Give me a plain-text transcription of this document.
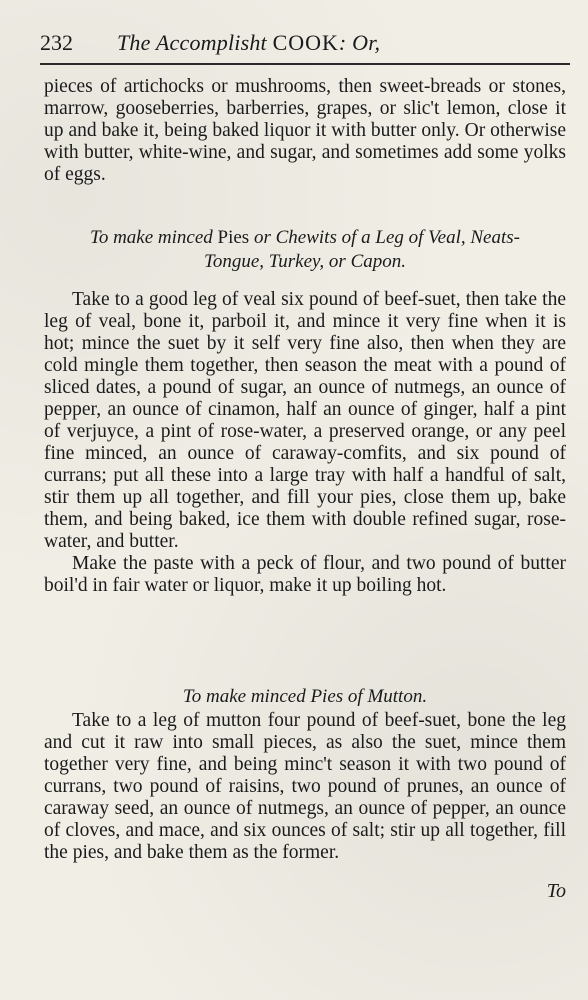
232 The Accomplisht COOK: Or,

pieces of artichocks or mushrooms, then sweet-breads or stones, marrow, gooseberries, barberries, grapes, or slic't lemon, close it up and bake it, being baked liquor it with butter only. Or otherwise with butter, white-wine, and sugar, and sometimes add some yolks of eggs.

To make minced Pies or Chewits of a Leg of Veal, Neats-
Tongue, Turkey, or Capon.

Take to a good leg of veal six pound of beef-suet, then take the leg of veal, bone it, parboil it, and mince it very fine when it is hot; mince the suet by it self very fine also, then when they are cold mingle them together, then season the meat with a pound of sliced dates, a pound of sugar, an ounce of nutmegs, an ounce of pepper, an ounce of cinamon, half an ounce of ginger, half a pint of verjuyce, a pint of rose-water, a preserved orange, or any peel fine minced, an ounce of caraway-comfits, and six pound of currans; put all these into a large tray with half a handful of salt, stir them up all together, and fill your pies, close them up, bake them, and being baked, ice them with double refined sugar, rose-water, and butter.

Make the paste with a peck of flour, and two pound of butter boil'd in fair water or liquor, make it up boiling hot.

To make minced Pies of Mutton.

Take to a leg of mutton four pound of beef-suet, bone the leg and cut it raw into small pieces, as also the suet, mince them together very fine, and being minc't season it with two pound of currans, two pound of raisins, two pound of prunes, an ounce of caraway seed, an ounce of nutmegs, an ounce of pepper, an ounce of cloves, and mace, and six ounces of salt; stir up all together, fill the pies, and bake them as the former.

To
